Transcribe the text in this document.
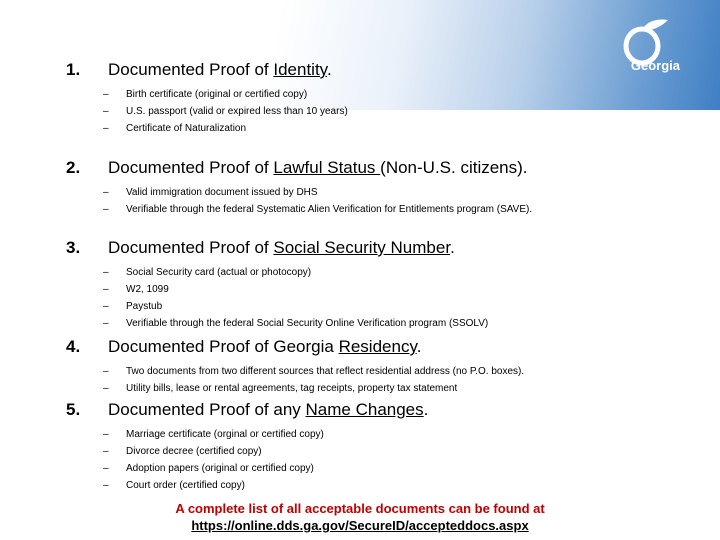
Georgia
1. Documented Proof of Identity.
– Birth certificate (original or certified copy)
– U.S. passport (valid or expired less than 10 years)
– Certificate of Naturalization
2. Documented Proof of Lawful Status (Non-U.S. citizens).
– Valid immigration document issued by DHS
– Verifiable through the federal Systematic Alien Verification for Entitlements program (SAVE).
3. Documented Proof of Social Security Number.
– Social Security card (actual or photocopy)
– W2, 1099
– Paystub
– Verifiable through the federal Social Security Online Verification program (SSOLV)
4. Documented Proof of Georgia Residency.
– Two documents from two different sources that reflect residential address (no P.O. boxes).
– Utility bills, lease or rental agreements, tag receipts, property tax statement
5. Documented Proof of any Name Changes.
– Marriage certificate (orginal or certified copy)
– Divorce decree (certified copy)
– Adoption papers (original or certified copy)
– Court order (certified copy)
A complete list of all acceptable documents can be found at
https://online.dds.ga.gov/SecureID/accepteddocs.aspx
